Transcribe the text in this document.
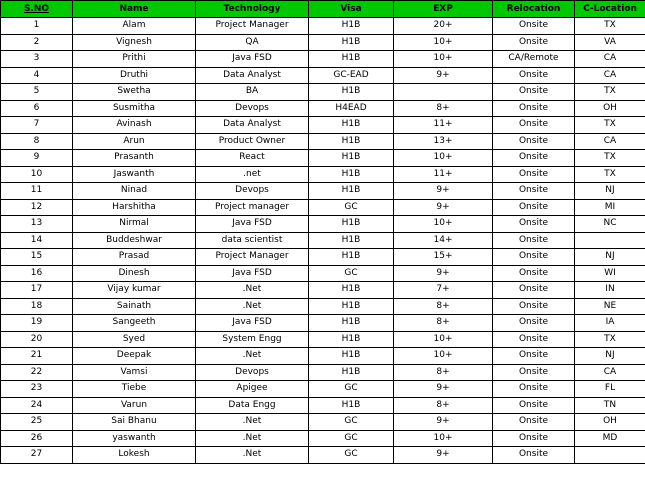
S.NO	Name	Technology	Visa	EXP	Relocation	C-Location
1	Alam	Project Manager	H1B	20+	Onsite	TX
2	Vignesh	QA	H1B	10+	Onsite	VA
3	Prithi	Java FSD	H1B	10+	CA/Remote	CA
4	Druthi	Data Analyst	GC-EAD	9+	Onsite	CA
5	Swetha	BA	H1B		Onsite	TX
6	Susmitha	Devops	H4EAD	8+	Onsite	OH
7	Avinash	Data Analyst	H1B	11+	Onsite	TX
8	Arun	Product Owner	H1B	13+	Onsite	CA
9	Prasanth	React	H1B	10+	Onsite	TX
10	Jaswanth	.net	H1B	11+	Onsite	TX
11	Ninad	Devops	H1B	9+	Onsite	NJ
12	Harshitha	Project manager	GC	9+	Onsite	MI
13	Nirmal	Java FSD	H1B	10+	Onsite	NC
14	Buddeshwar	data scientist	H1B	14+	Onsite	
15	Prasad	Project Manager	H1B	15+	Onsite	NJ
16	Dinesh	Java FSD	GC	9+	Onsite	WI
17	Vijay kumar	.Net	H1B	7+	Onsite	IN
18	Sainath	.Net	H1B	8+	Onsite	NE
19	Sangeeth	Java FSD	H1B	8+	Onsite	IA
20	Syed	System Engg	H1B	10+	Onsite	TX
21	Deepak	.Net	H1B	10+	Onsite	NJ
22	Vamsi	Devops	H1B	8+	Onsite	CA
23	Tiebe	Apigee	GC	9+	Onsite	FL
24	Varun	Data Engg	H1B	8+	Onsite	TN
25	Sai Bhanu	.Net	GC	9+	Onsite	OH
26	yaswanth	.Net	GC	10+	Onsite	MD
27	Lokesh	.Net	GC	9+	Onsite	
